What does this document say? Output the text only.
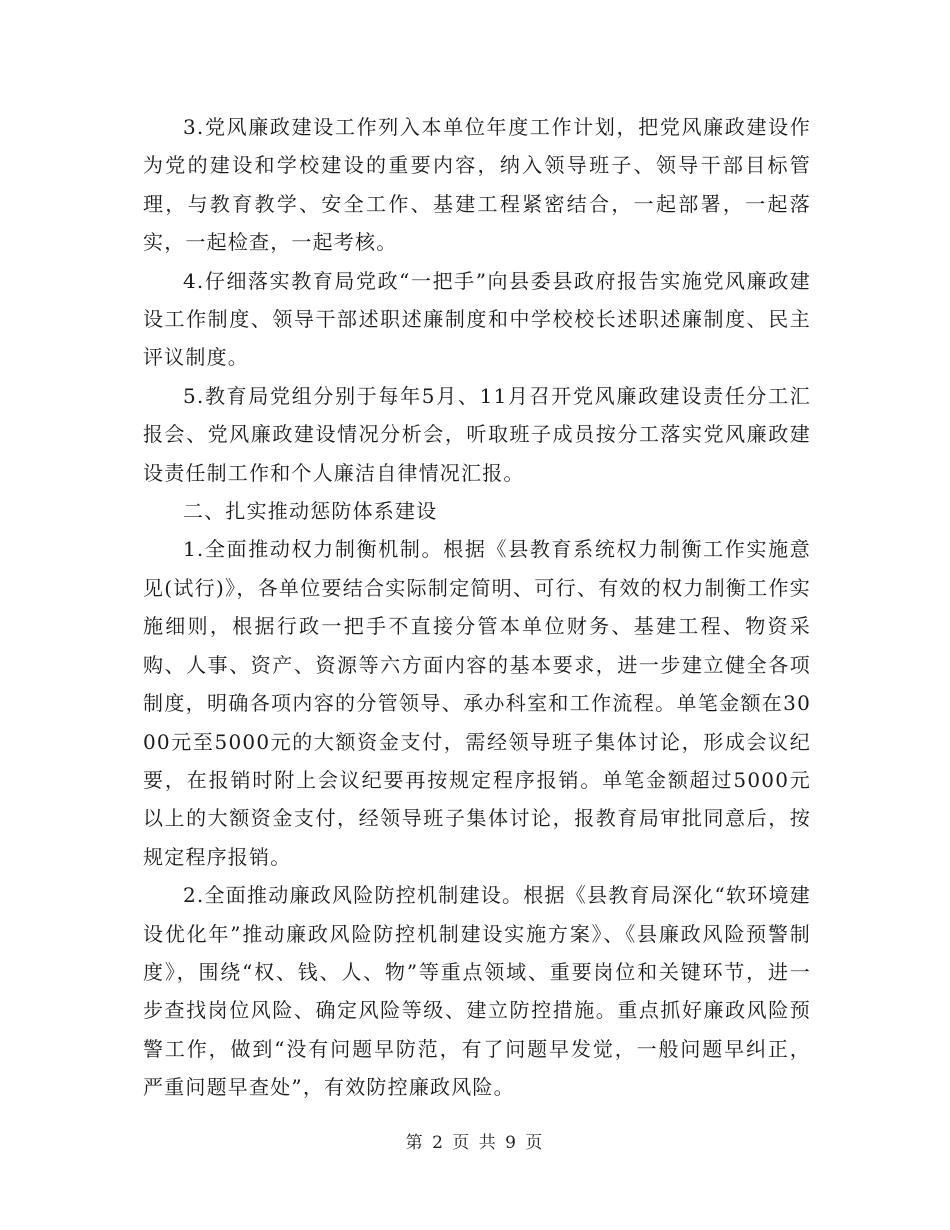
3.党风廉政建设工作列入本单位年度工作计划，把党风廉政建设作为党的建设和学校建设的重要内容，纳入领导班子、领导干部目标管理，与教育教学、安全工作、基建工程紧密结合，一起部署，一起落实，一起检查，一起考核。

4.仔细落实教育局党政“一把手”向县委县政府报告实施党风廉政建设工作制度、领导干部述职述廉制度和中学校校长述职述廉制度、民主评议制度。

5.教育局党组分别于每年5月、11月召开党风廉政建设责任分工汇报会、党风廉政建设情况分析会，听取班子成员按分工落实党风廉政建设责任制工作和个人廉洁自律情况汇报。

二、扎实推动惩防体系建设

1.全面推动权力制衡机制。根据《县教育系统权力制衡工作实施意见(试行)》，各单位要结合实际制定简明、可行、有效的权力制衡工作实施细则，根据行政一把手不直接分管本单位财务、基建工程、物资采购、人事、资产、资源等六方面内容的基本要求，进一步建立健全各项制度，明确各项内容的分管领导、承办科室和工作流程。单笔金额在3000元至5000元的大额资金支付，需经领导班子集体讨论，形成会议纪要，在报销时附上会议纪要再按规定程序报销。单笔金额超过5000元以上的大额资金支付，经领导班子集体讨论，报教育局审批同意后，按规定程序报销。

2.全面推动廉政风险防控机制建设。根据《县教育局深化“软环境建设优化年”推动廉政风险防控机制建设实施方案》、《县廉政风险预警制度》，围绕“权、钱、人、物”等重点领域、重要岗位和关键环节，进一步查找岗位风险、确定风险等级、建立防控措施。重点抓好廉政风险预警工作，做到“没有问题早防范，有了问题早发觉，一般问题早纠正，严重问题早查处”，有效防控廉政风险。

第 2 页 共 9 页
